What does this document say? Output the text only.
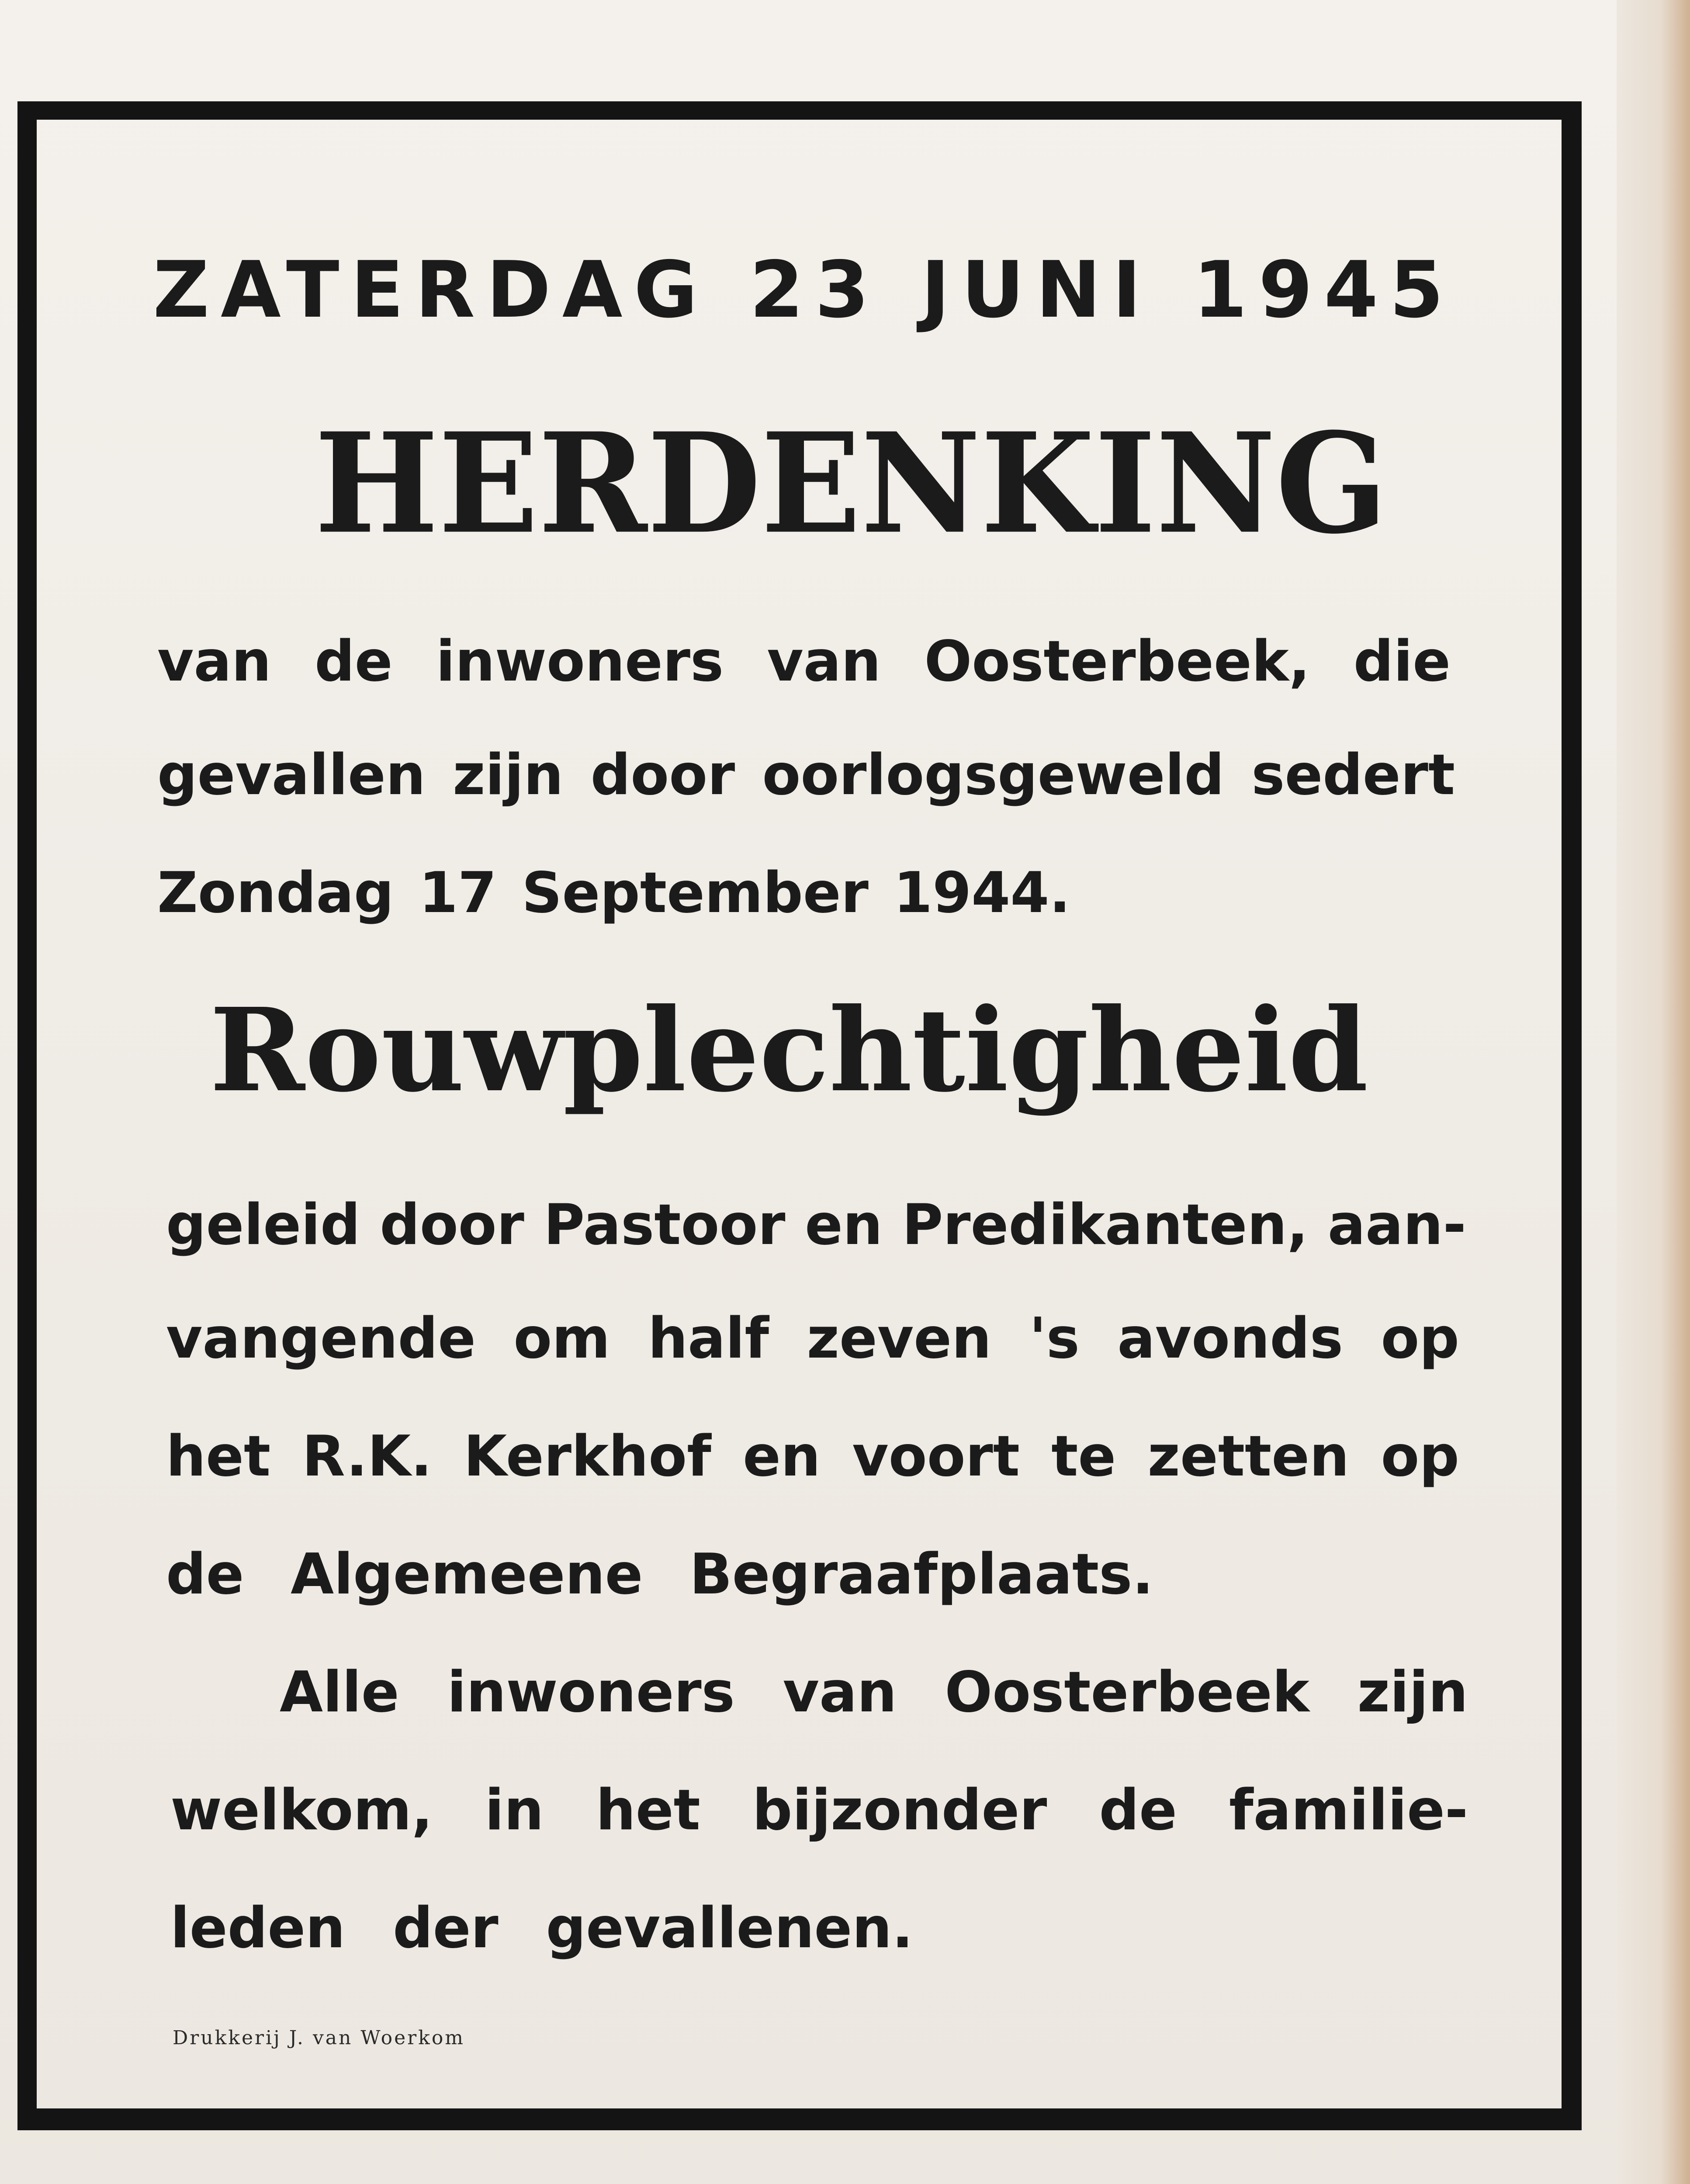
ZATERDAG 23 JUNI 1945
HERDENKING
van de inwoners van Oosterbeek, die
gevallen zijn door oorlogsgeweld sedert
Zondag 17 September 1944.
Rouwplechtigheid
geleid door Pastoor en Predikanten, aan-
vangende om half zeven 's avonds op
het R.K. Kerkhof en voort te zetten op
de Algemeene Begraafplaats.
Alle inwoners van Oosterbeek zijn
welkom, in het bijzonder de familie-
leden der gevallenen.
Drukkerij J. van Woerkom
